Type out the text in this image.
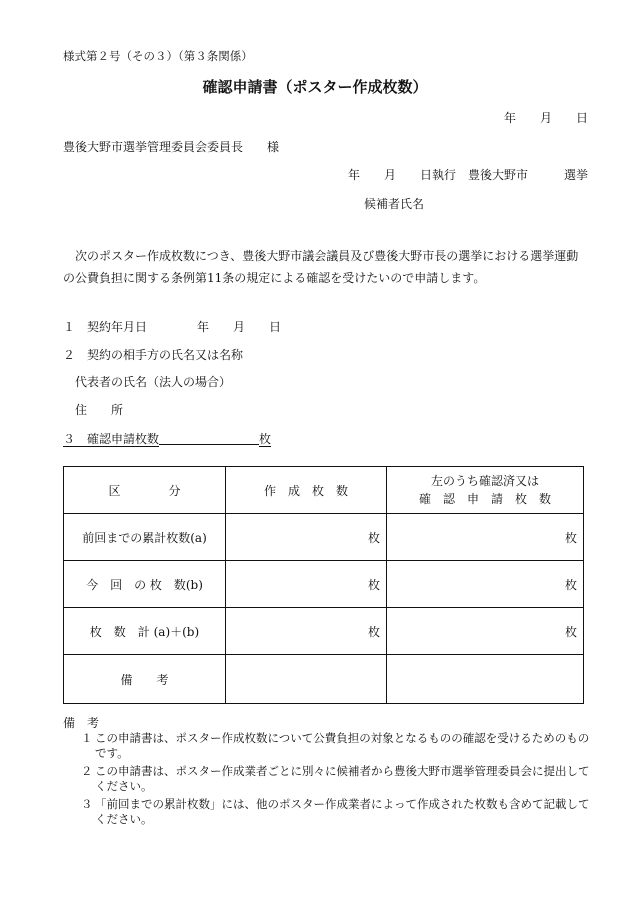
様式第２号（その３）（第３条関係）
確認申請書（ポスター作成枚数）
年　　月　　日
豊後大野市選挙管理委員会委員長　　様
年　　月　　日執行　豊後大野市　　　選挙
候補者氏名
次のポスター作成枚数につき、豊後大野市議会議員及び豊後大野市長の選挙における選挙運動の公費負担に関する条例第11条の規定による確認を受けたいので申請します。
１　契約年月日	年　　月　　日
２　契約の相手方の氏名又は名称
代表者の氏名（法人の場合）
住　　所
３　確認申請枚数	枚
区　　　　分	作　成　枚　数	左のうち確認済又は
確　認　申　請　枚　数

前回までの累計枚数(a)	枚	枚
今　回　の 枚　数(b)	枚	枚
枚　数　計 (a)＋(b)	枚	枚
備　　考		
備　考
１ この申請書は、ポスター作成枚数について公費負担の対象となるものの確認を受けるためのものです。
２ この申請書は、ポスター作成業者ごとに別々に候補者から豊後大野市選挙管理委員会に提出してください。
３ 「前回までの累計枚数」には、他のポスター作成業者によって作成された枚数も含めて記載してください。
